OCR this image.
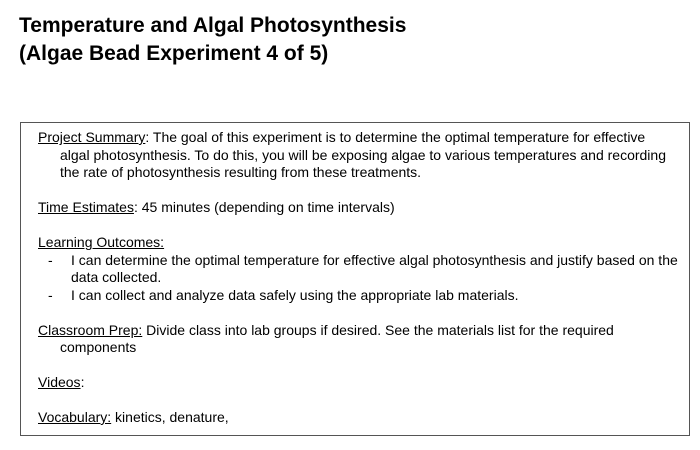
Temperature and Algal Photosynthesis
(Algae Bead Experiment 4 of 5)

Project Summary: The goal of this experiment is to determine the optimal temperature for effective algal photosynthesis. To do this, you will be exposing algae to various temperatures and recording the rate of photosynthesis resulting from these treatments.

Time Estimates: 45 minutes (depending on time intervals)

Learning Outcomes:

- I can determine the optimal temperature for effective algal photosynthesis and justify based on the data collected.
- I can collect and analyze data safely using the appropriate lab materials.

Classroom Prep: Divide class into lab groups if desired. See the materials list for the required components

Videos:

Vocabulary: kinetics, denature,
